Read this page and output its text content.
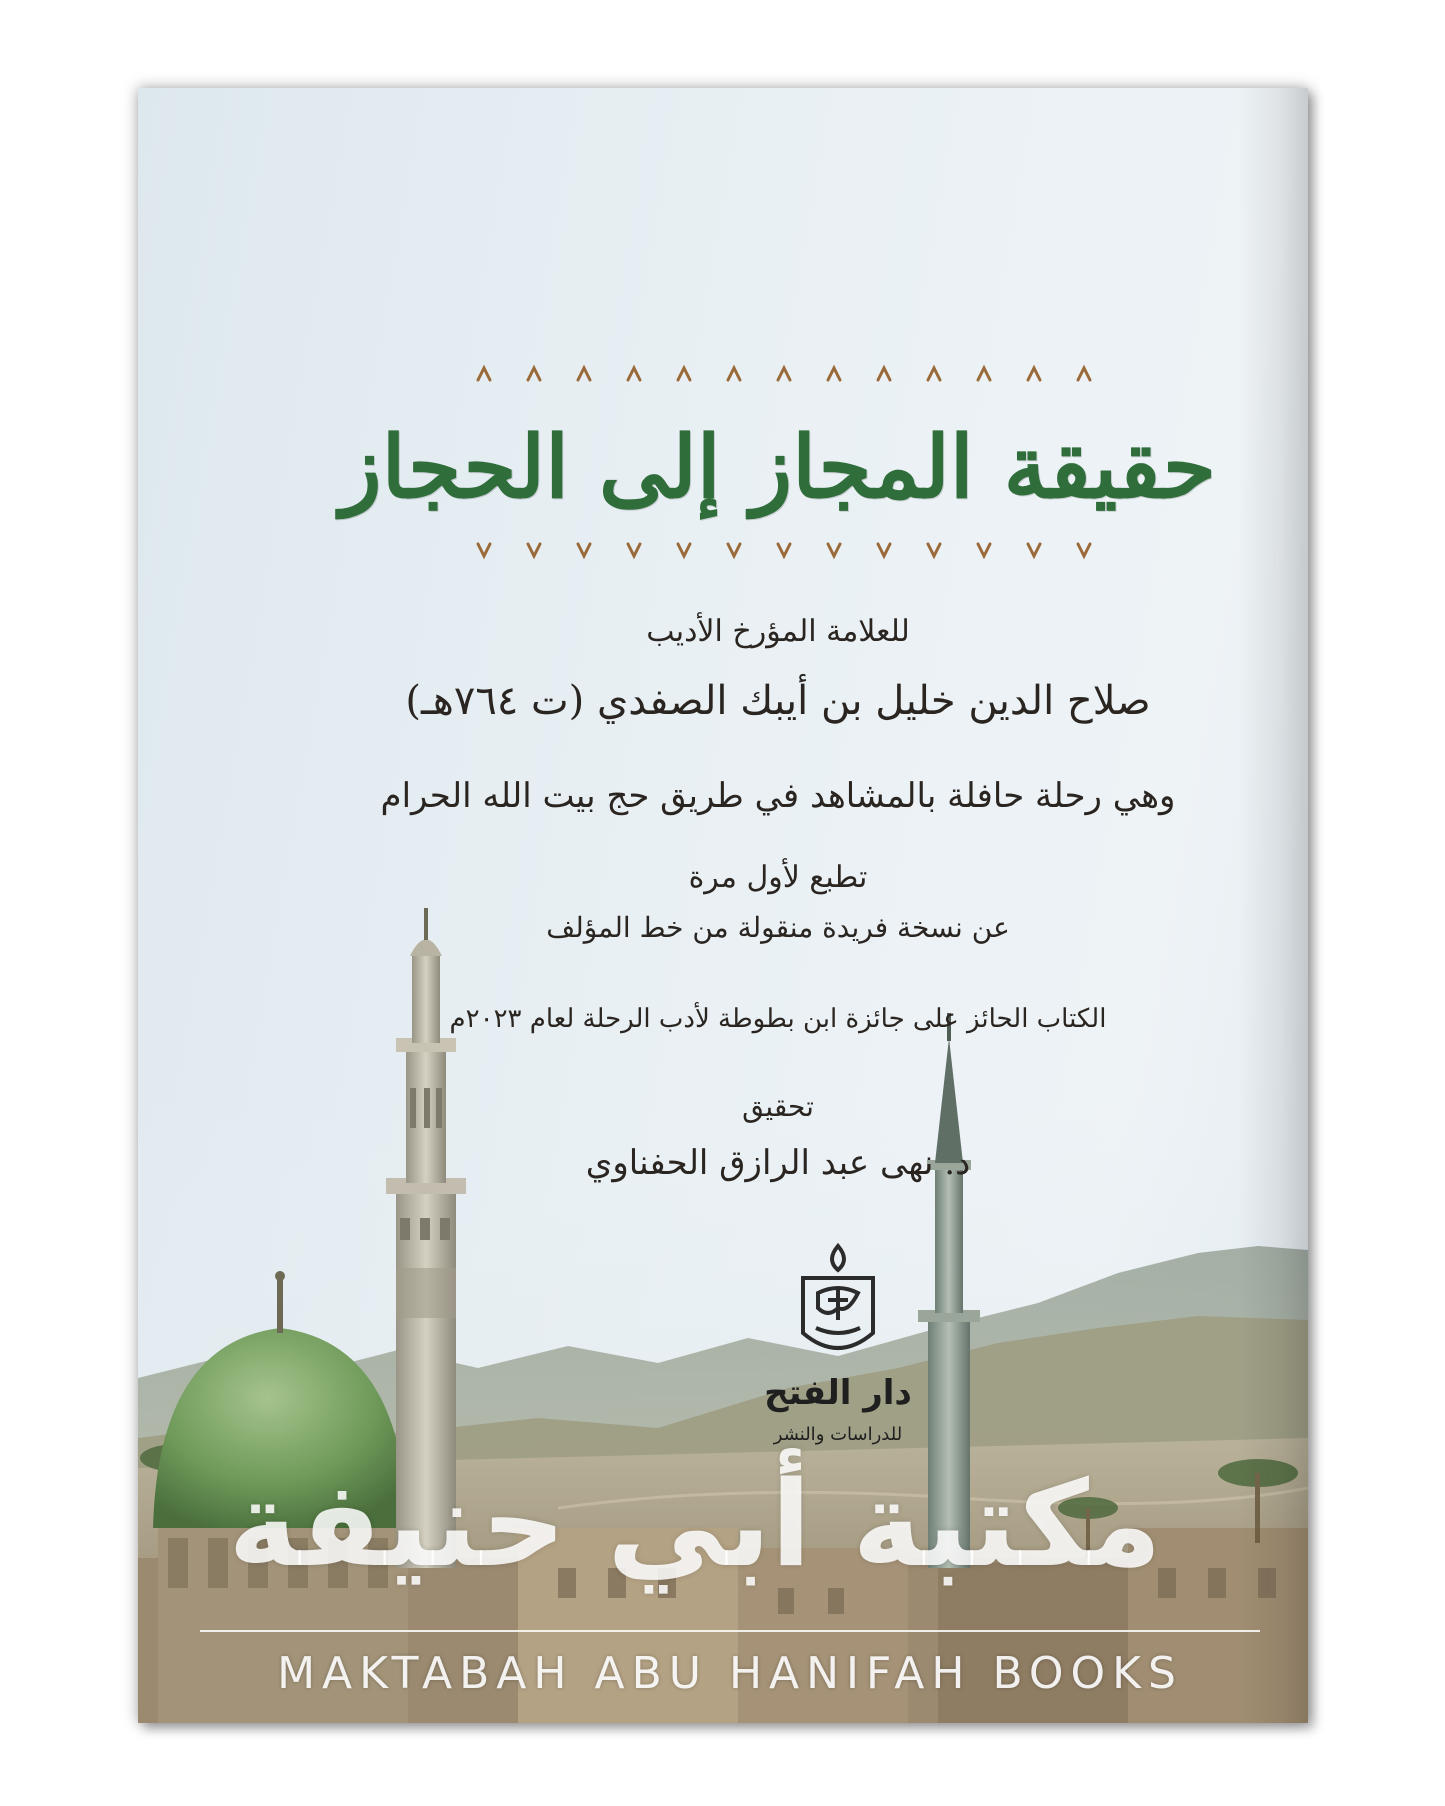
حقيقة المجاز إلى الحجاز

للعلامة المؤرخ الأديب

صلاح الدين خليل بن أيبك الصفدي (ت ٧٦٤هـ)

وهي رحلة حافلة بالمشاهد في طريق حج بيت الله الحرام

تطبع لأول مرة

عن نسخة فريدة منقولة من خط المؤلف

الكتاب الحائز على جائزة ابن بطوطة لأدب الرحلة لعام ٢٠٢٣م

تحقيق

د. نهى عبد الرازق الحفناوي

دار الفتح

للدراسات والنشر

مكتبة أبي حنيفة

MAKTABAH ABU HANIFAH BOOKS
